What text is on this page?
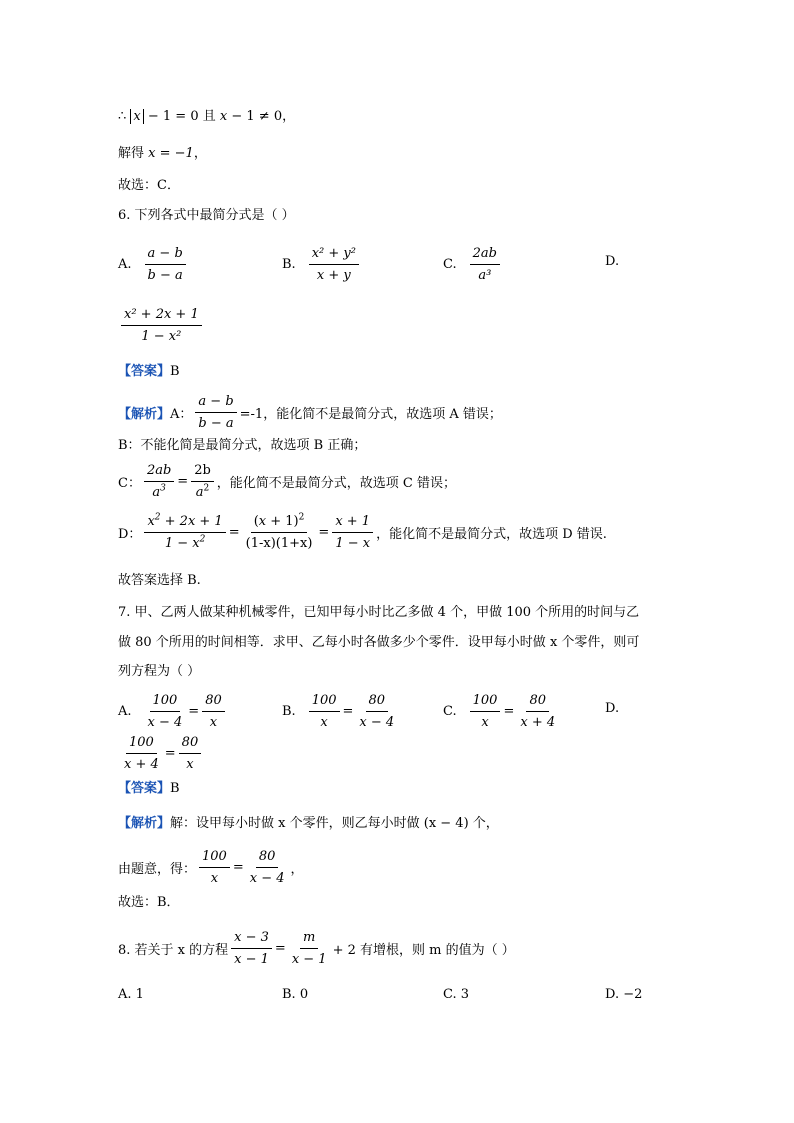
∴ x − 1 = 0 且 x − 1 ≠ 0，
解得 x = −1，
故选：C．
6. 下列各式中最简分式是（ ）
A. $\frac{a - b}{b - a}$	B. $\frac{\text{x² + y²}}{x + y}$	C. $\frac{2ab}{\text{a³}}$	D.
$\frac{\text{x² + 2x + 1}}{\text{1 − x²}}$
【答案】B
【解析】 A： $\frac{a - b}{b - a} =-1$，能化简不是最简分式，故选项 A 错误；
B：不能化简是最简分式，故选项 B 正确；
C： $\frac{2ab}{a^3} = \frac{2b}{a^2}$ ，能化简不是最简分式，故选项 C 错误；
D： $\frac{x^2 + 2x + 1}{1 - x^2} = \frac{(x + 1)^2}{(1-x)(1+x)} = \frac{x + 1}{1 - x}$ ，能化简不是最简分式，故选项 D 错误.
故答案选择 B.
7. 甲、乙两人做某种机械零件，已知甲每小时比乙多做 4 个，甲做 100 个所用的时间与乙
做 80 个所用的时间相等．求甲、乙每小时各做多少个零件．设甲每小时做 x 个零件，则可
列方程为（ ）
A. $\frac{100}{x - 4} = \frac{80}{x}$	B. $\frac{100}{x} = \frac{80}{x - 4}$	C. $\frac{100}{x} = \frac{80}{x + 4}$	D.
$\frac{100}{x + 4} = \frac{80}{x}$
【答案】B
【解析】解：设甲每小时做 x 个零件，则乙每小时做 (x − 4) 个，
由题意，得： $\frac{100}{x} = \frac{80}{x - 4}$ ，
故选：B．
8. 若关于 x 的方程 $\frac{x - 3}{x - 1} = \frac{m}{x - 1} + 2$ 有增根，则 m 的值为（ ）
A. 1	B. 0	C. 3	D. −2
